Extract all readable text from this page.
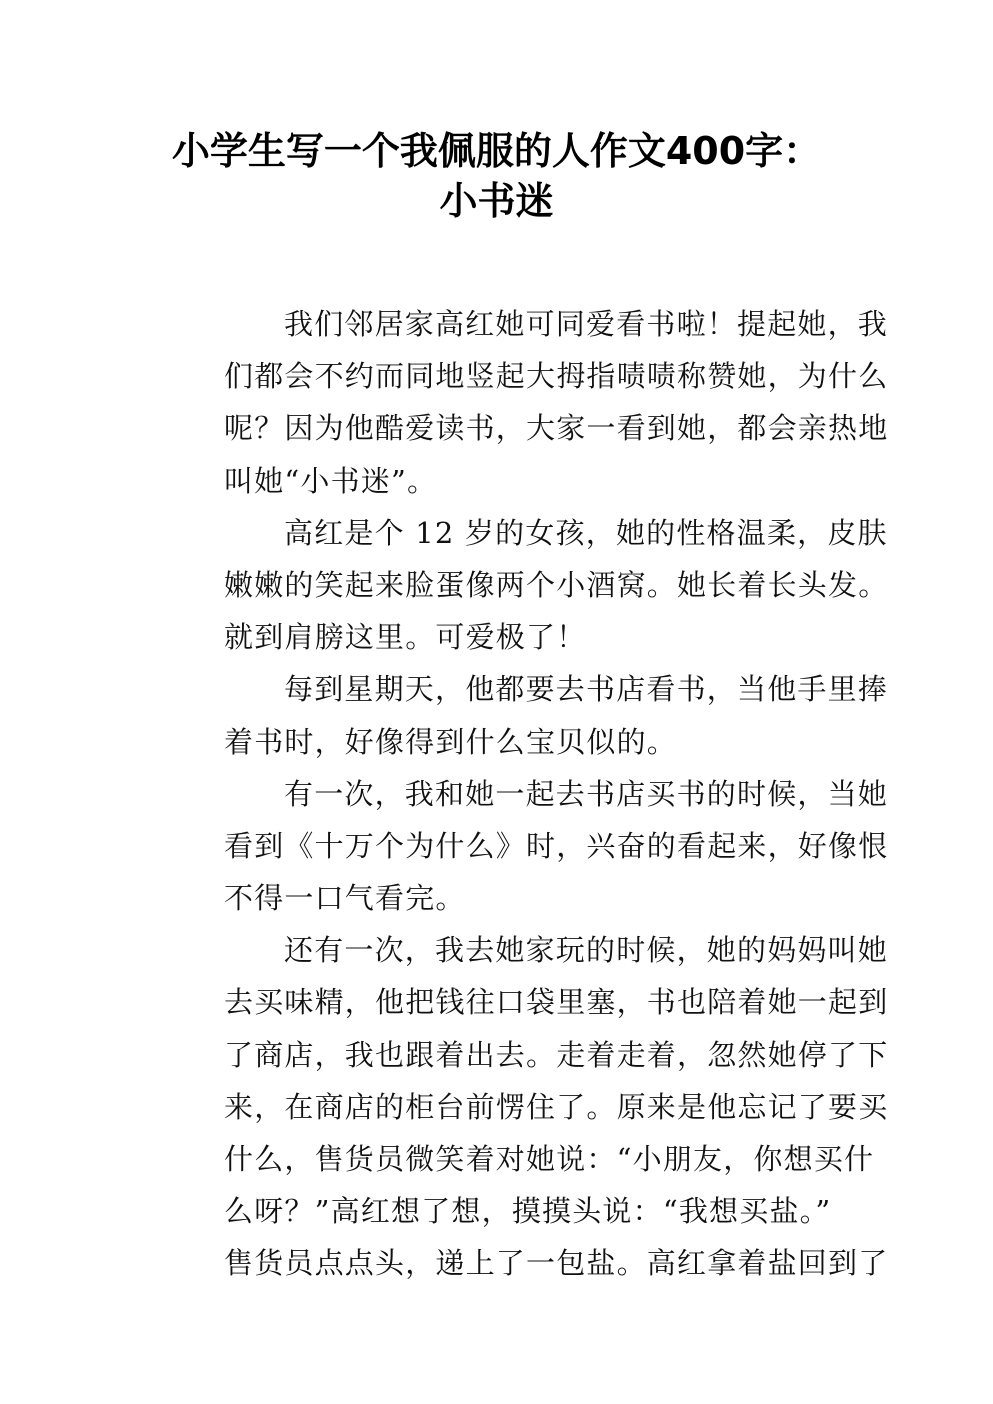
小学生写一个我佩服的人作文400字：
小书迷
我们邻居家高红她可同爱看书啦！提起她，我
们都会不约而同地竖起大拇指啧啧称赞她，为什么
呢？因为他酷爱读书，大家一看到她，都会亲热地
叫她“小书迷”。
高红是个 12 岁的女孩，她的性格温柔，皮肤
嫩嫩的笑起来脸蛋像两个小酒窝。她长着长头发。
就到肩膀这里。可爱极了！
每到星期天，他都要去书店看书，当他手里捧
着书时，好像得到什么宝贝似的。
有一次，我和她一起去书店买书的时候，当她
看到《十万个为什么》时，兴奋的看起来，好像恨
不得一口气看完。
还有一次，我去她家玩的时候，她的妈妈叫她
去买味精，他把钱往口袋里塞，书也陪着她一起到
了商店，我也跟着出去。走着走着，忽然她停了下
来，在商店的柜台前愣住了。原来是他忘记了要买
什么，售货员微笑着对她说：“小朋友，你想买什
么呀？”高红想了想，摸摸头说：“我想买盐。”
售货员点点头，递上了一包盐。高红拿着盐回到了
